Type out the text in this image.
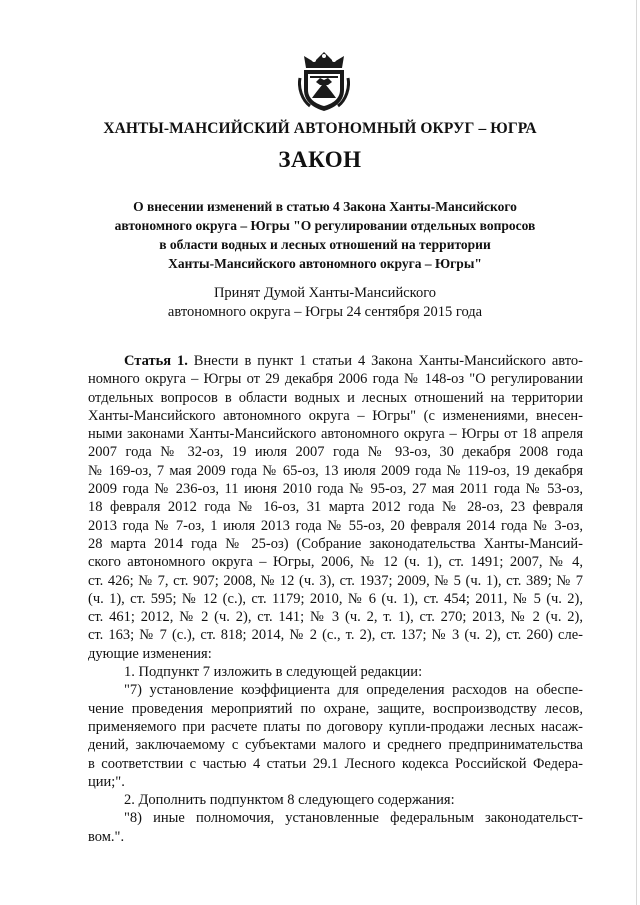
ХАНТЫ-МАНСИЙСКИЙ АВТОНОМНЫЙ ОКРУГ – ЮГРА
ЗАКОН
О внесении изменений в статью 4 Закона Ханты-Мансийского
автономного округа – Югры "О регулировании отдельных вопросов
в области водных и лесных отношений на территории
Ханты-Мансийского автономного округа – Югры"
Принят Думой Ханты-Мансийского
автономного округа – Югры 24 сентября 2015 года
Статья 1. Внести в пункт 1 статьи 4 Закона Ханты-Мансийского авто-
номного округа – Югры от 29 декабря 2006 года № 148-оз "О регулировании
отдельных вопросов в области водных и лесных отношений на территории
Ханты-Мансийского автономного округа – Югры" (с изменениями, внесен-
ными законами Ханты-Мансийского автономного округа – Югры от 18 апреля
2007 года № 32-оз, 19 июля 2007 года № 93-оз, 30 декабря 2008 года
№ 169-оз, 7 мая 2009 года № 65-оз, 13 июля 2009 года № 119-оз, 19 декабря
2009 года № 236-оз, 11 июня 2010 года № 95-оз, 27 мая 2011 года № 53-оз,
18 февраля 2012 года № 16-оз, 31 марта 2012 года № 28-оз, 23 февраля
2013 года № 7-оз, 1 июля 2013 года № 55-оз, 20 февраля 2014 года № 3-оз,
28 марта 2014 года № 25-оз) (Собрание законодательства Ханты-Мансий-
ского автономного округа – Югры, 2006, № 12 (ч. 1), ст. 1491; 2007, № 4,
ст. 426; № 7, ст. 907; 2008, № 12 (ч. 3), ст. 1937; 2009, № 5 (ч. 1), ст. 389; № 7
(ч. 1), ст. 595; № 12 (с.), ст. 1179; 2010, № 6 (ч. 1), ст. 454; 2011, № 5 (ч. 2),
ст. 461; 2012, № 2 (ч. 2), ст. 141; № 3 (ч. 2, т. 1), ст. 270; 2013, № 2 (ч. 2),
ст. 163; № 7 (с.), ст. 818; 2014, № 2 (с., т. 2), ст. 137; № 3 (ч. 2), ст. 260) сле-
дующие изменения:
1. Подпункт 7 изложить в следующей редакции:
"7) установление коэффициента для определения расходов на обеспе-
чение проведения мероприятий по охране, защите, воспроизводству лесов,
применяемого при расчете платы по договору купли-продажи лесных насаж-
дений, заключаемому с субъектами малого и среднего предпринимательства
в соответствии с частью 4 статьи 29.1 Лесного кодекса Российской Федера-
ции;".
2. Дополнить подпунктом 8 следующего содержания:
"8) иные полномочия, установленные федеральным законодательст-
вом.".
